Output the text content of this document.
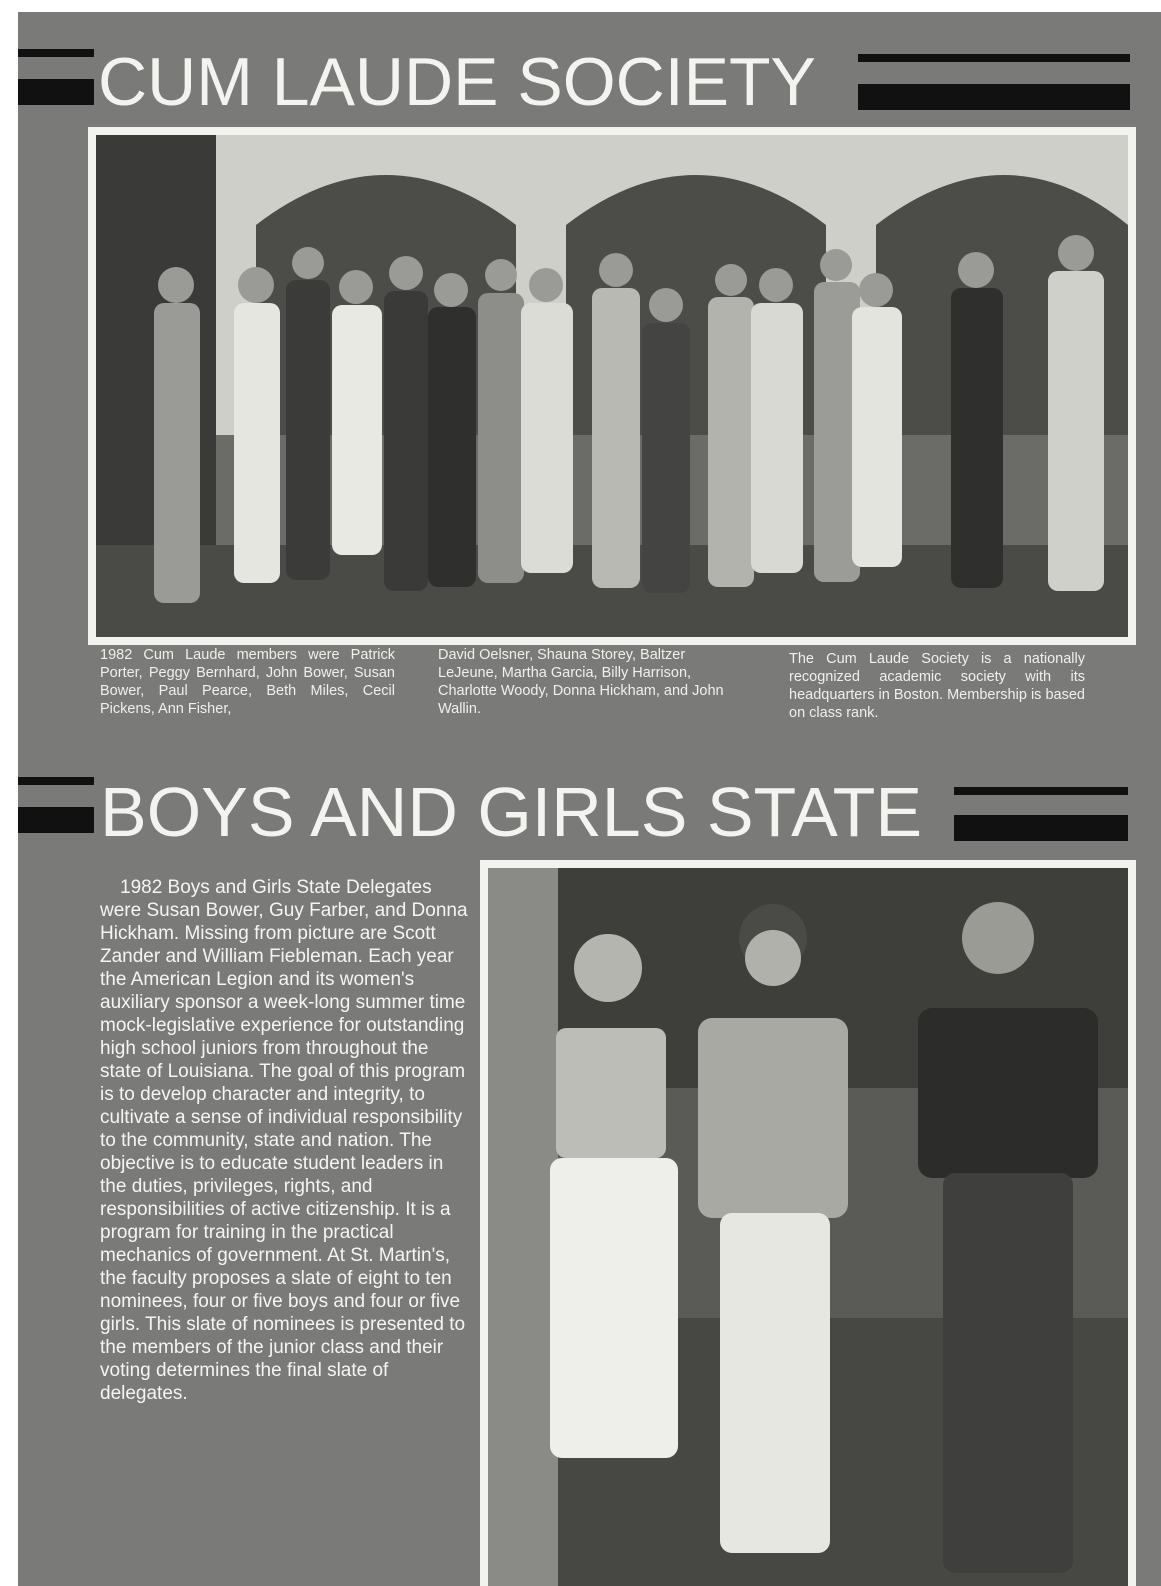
CUM LAUDE SOCIETY

1982 Cum Laude members were Patrick Porter, Peggy Bernhard, John Bower, Susan Bower, Paul Pearce, Beth Miles, Cecil Pickens, Ann Fisher,

David Oelsner, Shauna Storey, Baltzer LeJeune, Martha Garcia, Billy Harrison, Charlotte Woody, Donna Hickham, and John Wallin.

The Cum Laude Society is a nationally recognized academic society with its headquarters in Boston. Membership is based on class rank.

BOYS AND GIRLS STATE

1982 Boys and Girls State Delegates were Susan Bower, Guy Farber, and Donna Hickham. Missing from picture are Scott Zander and William Fiebleman. Each year the American Legion and its women's auxiliary sponsor a week-long summer time mock-legislative experience for outstanding high school juniors from throughout the state of Louisiana. The goal of this program is to develop character and integrity, to cultivate a sense of individual responsibility to the community, state and nation. The objective is to educate student leaders in the duties, privileges, rights, and responsibilities of active citizenship. It is a program for training in the practical mechanics of government. At St. Martin's, the faculty proposes a slate of eight to ten nominees, four or five boys and four or five girls. This slate of nominees is presented to the members of the junior class and their voting determines the final slate of delegates.
